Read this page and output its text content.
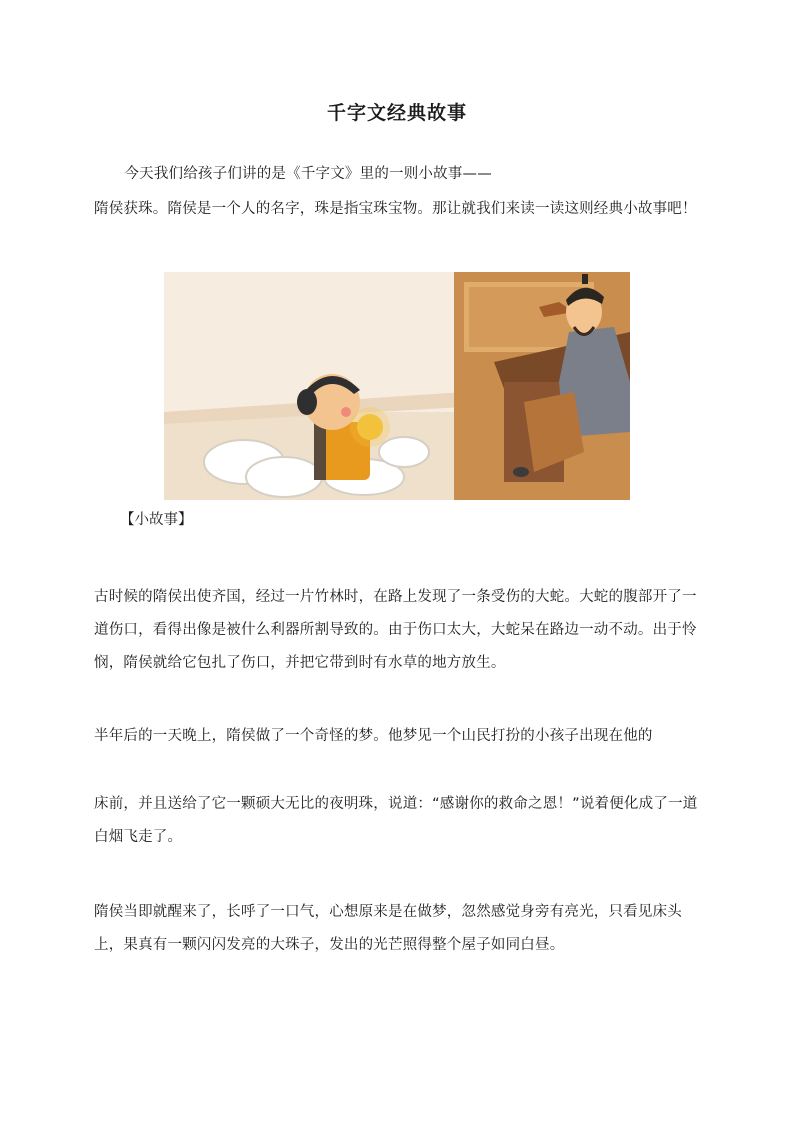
千字文经典故事
今天我们给孩子们讲的是《千字文》里的一则小故事——
隋侯获珠。隋侯是一个人的名字，珠是指宝珠宝物。那让就我们来读一读这则经典小故事吧！
【小故事】
古时候的隋侯出使齐国，经过一片竹林时，在路上发现了一条受伤的大蛇。大蛇的腹部开了一道伤口，看得出像是被什么利器所割导致的。由于伤口太大，大蛇呆在路边一动不动。出于怜悯，隋侯就给它包扎了伤口，并把它带到时有水草的地方放生。
半年后的一天晚上，隋侯做了一个奇怪的梦。他梦见一个山民打扮的小孩子出现在他的
床前，并且送给了它一颗硕大无比的夜明珠，说道：“感谢你的救命之恩！”说着便化成了一道白烟飞走了。
隋侯当即就醒来了，长呼了一口气，心想原来是在做梦，忽然感觉身旁有亮光，只看见床头上，果真有一颗闪闪发亮的大珠子，发出的光芒照得整个屋子如同白昼。
